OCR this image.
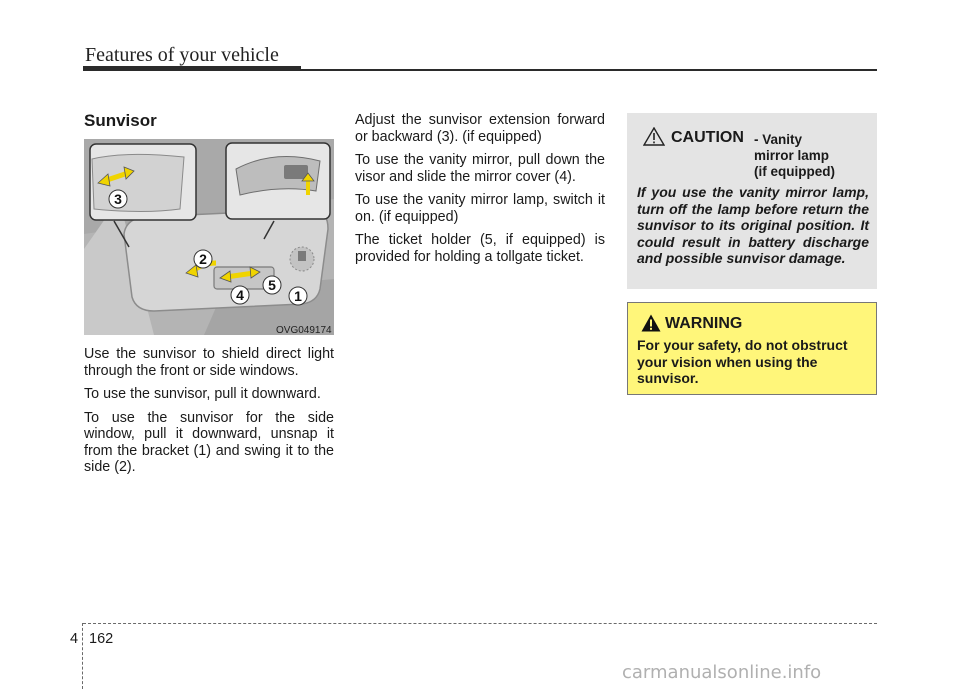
Features of your vehicle
Sunvisor
1
2
3
4
5
OVG049174

Use the sunvisor to shield direct light through the front or side windows.

To use the sunvisor, pull it downward.

To use the sunvisor for the side window, pull it downward, unsnap it from the bracket (1) and swing it to the side (2).

Adjust the sunvisor extension forward or backward (3). (if equipped)

To use the vanity mirror, pull down the visor and slide the mirror cover (4).

To use the vanity mirror lamp, switch it on. (if equipped)

The ticket holder (5, if equipped) is provided for holding a tollgate ticket.

CAUTION - Vanity
mirror lamp
(if equipped)
If you use the vanity mirror lamp, turn off the lamp before return the sunvisor to its original position. It could result in battery discharge and possible sunvisor damage.
WARNING
For your safety, do not obstruct your vision when using the sunvisor.
4 162
carmanualsonline.info
